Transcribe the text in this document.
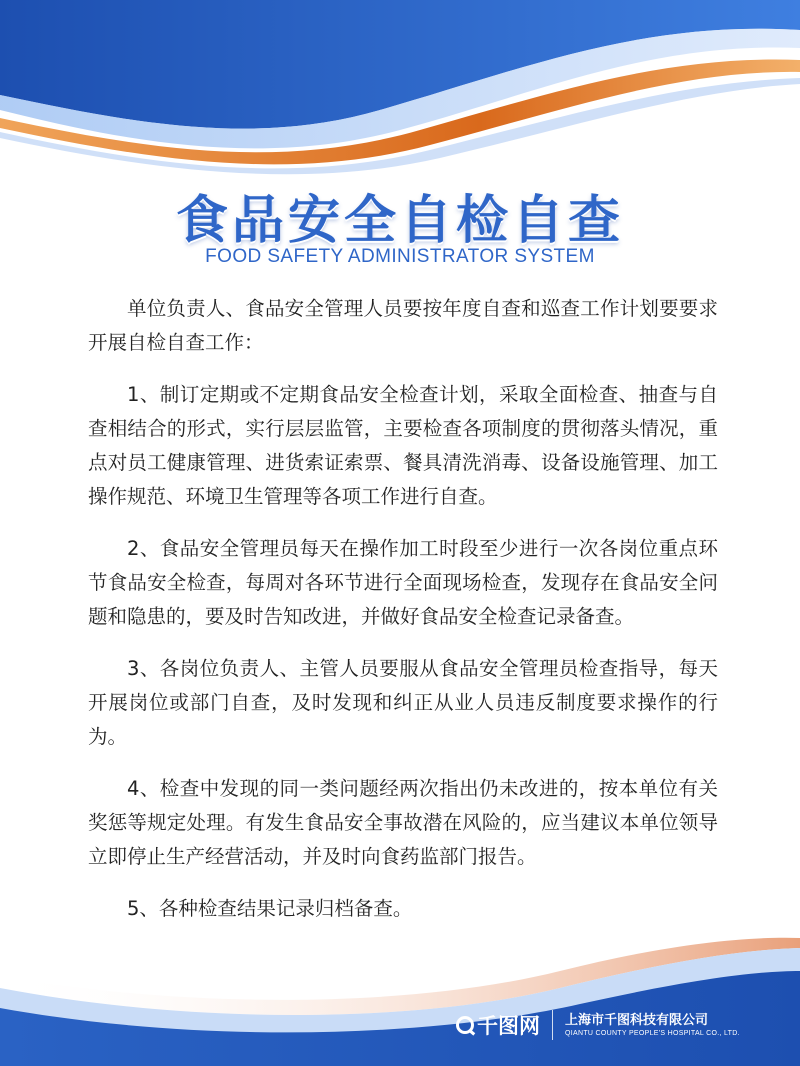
食品安全自检自查
FOOD SAFETY ADMINISTRATOR SYSTEM

单位负责人、食品安全管理人员要按年度自查和巡查工作计划要要求开展自检自查工作：

1、制订定期或不定期食品安全检查计划，采取全面检查、抽查与自查相结合的形式，实行层层监管，主要检查各项制度的贯彻落头情况，重点对员工健康管理、进货索证索票、餐具清洗消毒、设备设施管理、加工操作规范、环境卫生管理等各项工作进行自查。

2、食品安全管理员每天在操作加工时段至少进行一次各岗位重点环节食品安全检查，每周对各环节进行全面现场检查，发现存在食品安全问题和隐患的，要及时告知改进，并做好食品安全检查记录备查。

3、各岗位负责人、主管人员要服从食品安全管理员检查指导，每天开展岗位或部门自查，及时发现和纠正从业人员违反制度要求操作的行为。

4、检查中发现的同一类问题经两次指出仍未改进的，按本单位有关奖惩等规定处理。有发生食品安全事故潜在风险的，应当建议本单位领导立即停止生产经营活动，并及时向食药监部门报告。

5、各种检查结果记录归档备查。

千图网 上海市千图科技有限公司
QIANTU COUNTY PEOPLE'S HOSPITAL CO., LTD.
